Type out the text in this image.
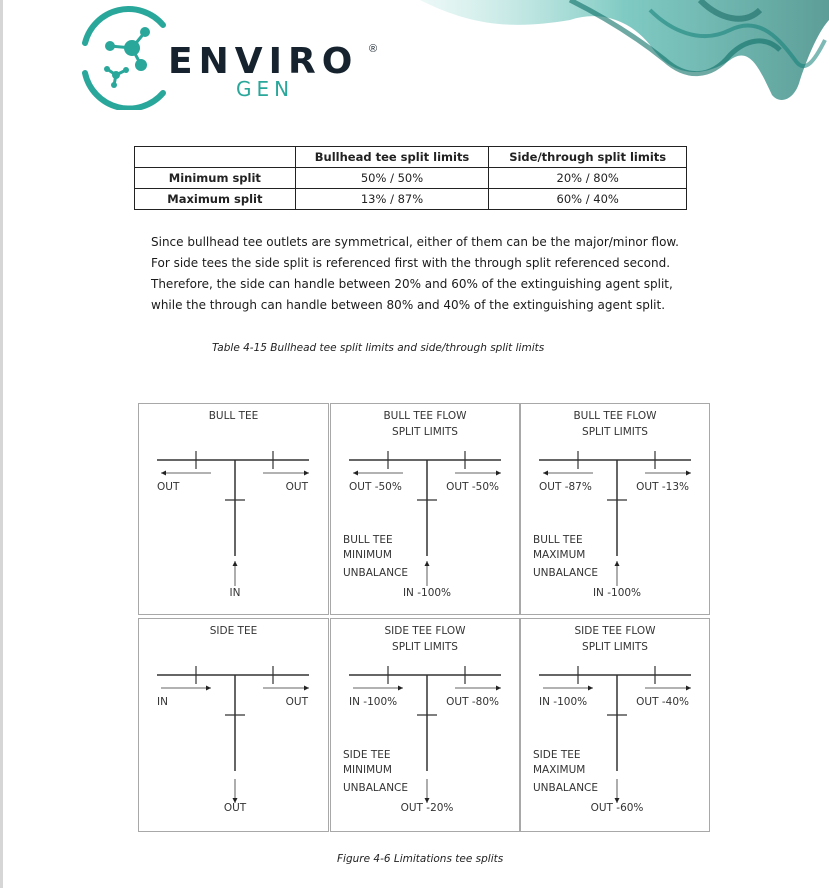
ENVIRO ®
GEN
	Bullhead tee split limits	Side/through split limits
Minimum split	50% / 50%	20% / 80%
Maximum split	13% / 87%	60% / 40%
Since bullhead tee outlets are symmetrical, either of them can be the major/minor flow.
For side tees the side split is referenced first with the through split referenced second.
Therefore, the side can handle between 20% and 60% of the extinguishing agent split,
while the through can handle between 80% and 40% of the extinguishing agent split.
Table 4-15 Bullhead tee split limits and side/through split limits
BULL TEE
OUT	OUT
IN
BULL TEE FLOW
SPLIT LIMITS
OUT -50%	OUT -50%
IN -100%
BULL TEE
MINIMUM
UNBALANCE
BULL TEE FLOW
SPLIT LIMITS
OUT -87%	OUT -13%
IN -100%
BULL TEE
MAXIMUM
UNBALANCE
SIDE TEE
IN	OUT
OUT
SIDE TEE FLOW
SPLIT LIMITS
IN -100%	OUT -80%
OUT -20%
SIDE TEE
MINIMUM
UNBALANCE
SIDE TEE FLOW
SPLIT LIMITS
IN -100%	OUT -40%
OUT -60%
SIDE TEE
MAXIMUM
UNBALANCE
Figure 4-6 Limitations tee splits
